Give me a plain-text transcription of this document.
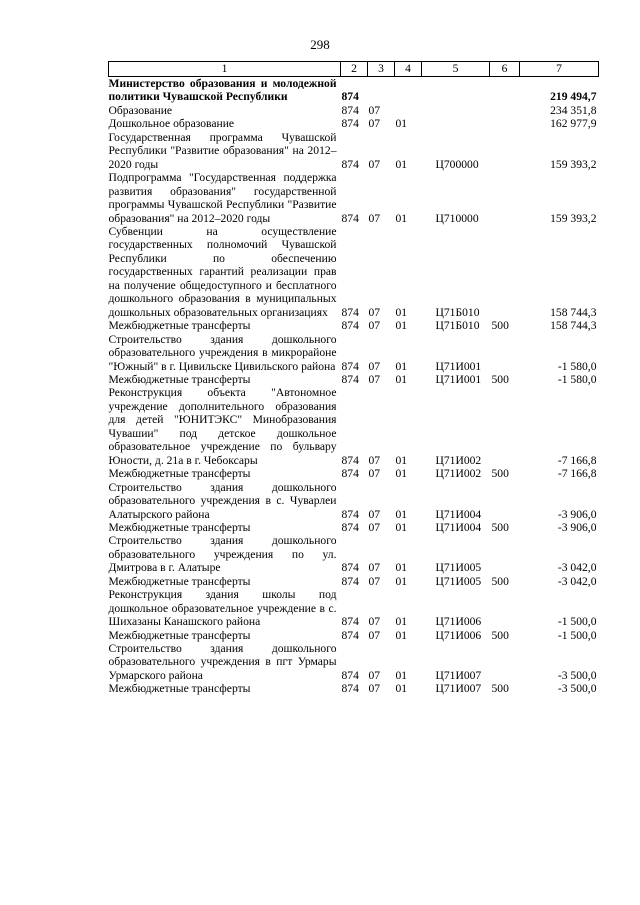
298
1	2	3	4	5	6	7
Министерство образования и молодежной политики Чувашской Республики	874					219 494,7
Образование	874	07				234 351,8
Дошкольное образование	874	07	01			162 977,9
Государственная программа Чувашской Республики "Развитие образования" на 2012–2020 годы	874	07	01	Ц700000		159 393,2
Подпрограмма "Государственная поддержка развития образования" государственной программы Чувашской Республики "Развитие образования" на 2012–2020 годы	874	07	01	Ц710000		159 393,2
Субвенции на осуществление государственных полномочий Чувашской Республики по обеспечению государственных гарантий реализации прав на получение общедоступного и бесплатного дошкольного образования в муниципальных дошкольных образовательных организациях	874	07	01	Ц71Б010		158 744,3
Межбюджетные трансферты	874	07	01	Ц71Б010	500	158 744,3
Строительство здания дошкольного образовательного учреждения в микрорайоне "Южный" в г. Цивильске Цивильского района	874	07	01	Ц71И001		-1 580,0
Межбюджетные трансферты	874	07	01	Ц71И001	500	-1 580,0
Реконструкция объекта "Автономное учреждение дополнительного образования для детей "ЮНИТЭКС" Минобразования Чувашии" под детское дошкольное образовательное учреждение по бульвару Юности, д. 21а в г. Чебоксары	874	07	01	Ц71И002		-7 166,8
Межбюджетные трансферты	874	07	01	Ц71И002	500	-7 166,8
Строительство здания дошкольного образовательного учреждения в с. Чуварлеи Алатырского района	874	07	01	Ц71И004		-3 906,0
Межбюджетные трансферты	874	07	01	Ц71И004	500	-3 906,0
Строительство здания дошкольного образовательного учреждения по ул. Дмитрова в г. Алатыре	874	07	01	Ц71И005		-3 042,0
Межбюджетные трансферты	874	07	01	Ц71И005	500	-3 042,0
Реконструкция здания школы под дошкольное образовательное учреждение в с. Шихазаны Канашского района	874	07	01	Ц71И006		-1 500,0
Межбюджетные трансферты	874	07	01	Ц71И006	500	-1 500,0
Строительство здания дошкольного образовательного учреждения в пгт Урмары Урмарского района	874	07	01	Ц71И007		-3 500,0
Межбюджетные трансферты	874	07	01	Ц71И007	500	-3 500,0
